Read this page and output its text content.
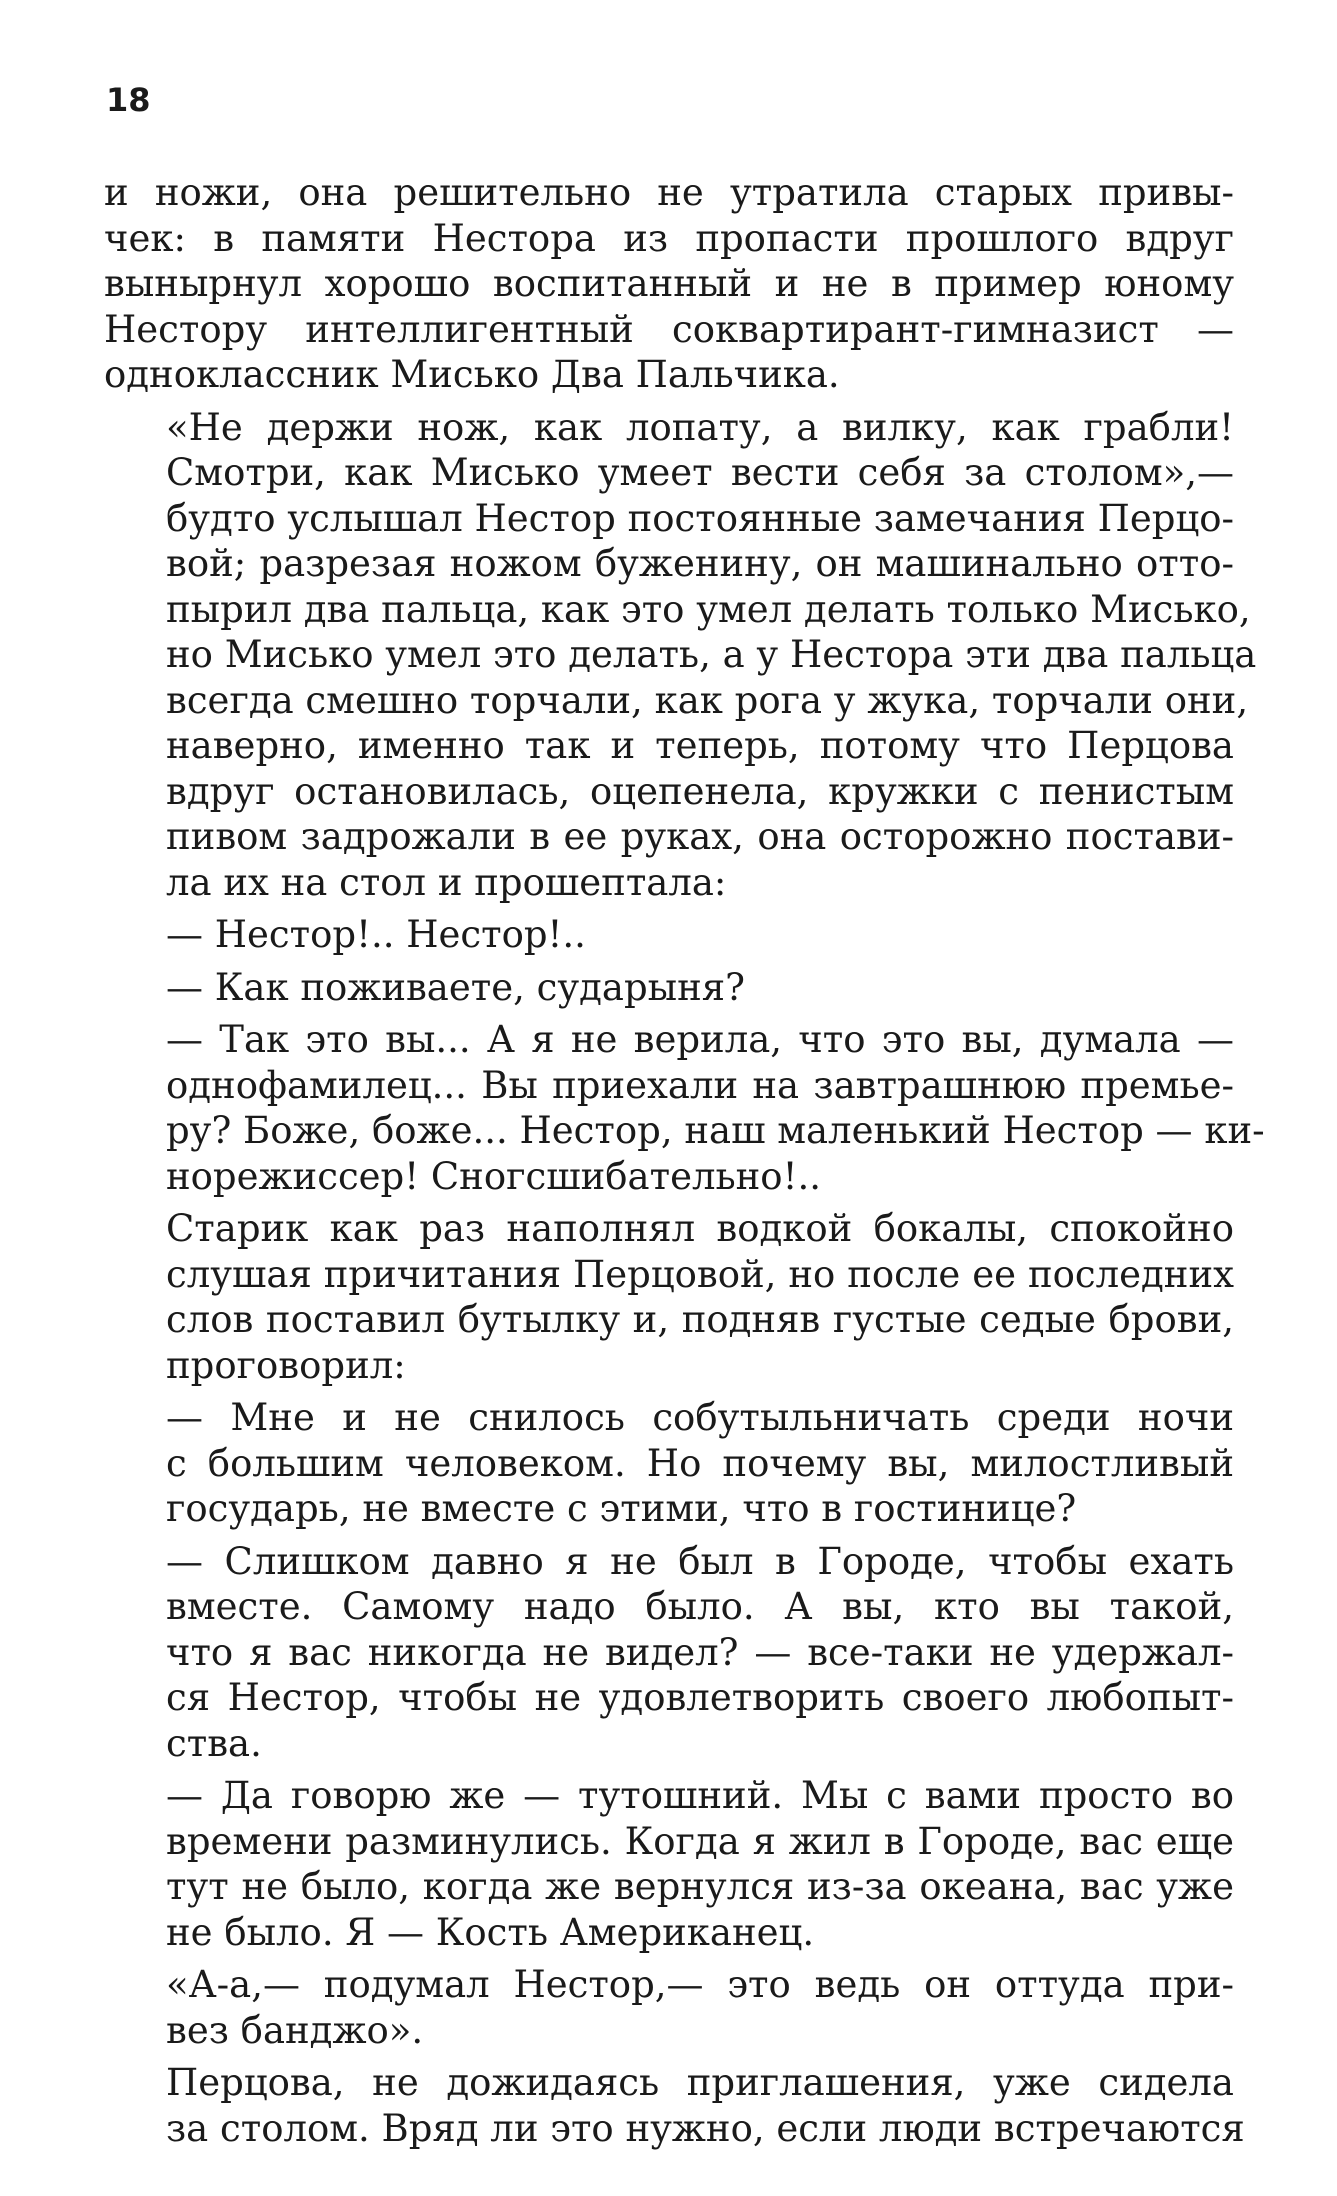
18

и ножи, она решительно не утратила старых привы-
чек: в памяти Нестора из пропасти прошлого вдруг
вынырнул хорошо воспитанный и не в пример юному
Нестору интеллигентный соквартирант-гимназист —
одноклассник Мисько Два Пальчика.

«Не держи нож, как лопату, а вилку, как грабли!
Смотри, как Мисько умеет вести себя за столом»,—
будто услышал Нестор постоянные замечания Перцо-
вой; разрезая ножом буженину, он машинально отто-
пырил два пальца, как это умел делать только Мисько,
но Мисько умел это делать, а у Нестора эти два пальца
всегда смешно торчали, как рога у жука, торчали они,
наверно, именно так и теперь, потому что Перцова
вдруг остановилась, оцепенела, кружки с пенистым
пивом задрожали в ее руках, она осторожно постави-
ла их на стол и прошептала:

— Нестор!.. Нестор!..

— Как поживаете, сударыня?

— Так это вы... А я не верила, что это вы, думала —
однофамилец... Вы приехали на завтрашнюю премье-
ру? Боже, боже... Нестор, наш маленький Нестор — ки-
норежиссер! Сногсшибательно!..

Старик как раз наполнял водкой бокалы, спокойно
слушая причитания Перцовой, но после ее последних
слов поставил бутылку и, подняв густые седые брови,
проговорил:

— Мне и не снилось собутыльничать среди ночи
с большим человеком. Но почему вы, милостливый
государь, не вместе с этими, что в гостинице?

— Слишком давно я не был в Городе, чтобы ехать
вместе. Самому надо было. А вы, кто вы такой,
что я вас никогда не видел? — все-таки не удержал-
ся Нестор, чтобы не удовлетворить своего любопыт-
ства.

— Да говорю же — тутошний. Мы с вами просто во
времени разминулись. Когда я жил в Городе, вас еще
тут не было, когда же вернулся из-за океана, вас уже
не было. Я — Кость Американец.

«А-а,— подумал Нестор,— это ведь он оттуда при-
вез банджо».

Перцова, не дожидаясь приглашения, уже сидела
за столом. Вряд ли это нужно, если люди встречаются
